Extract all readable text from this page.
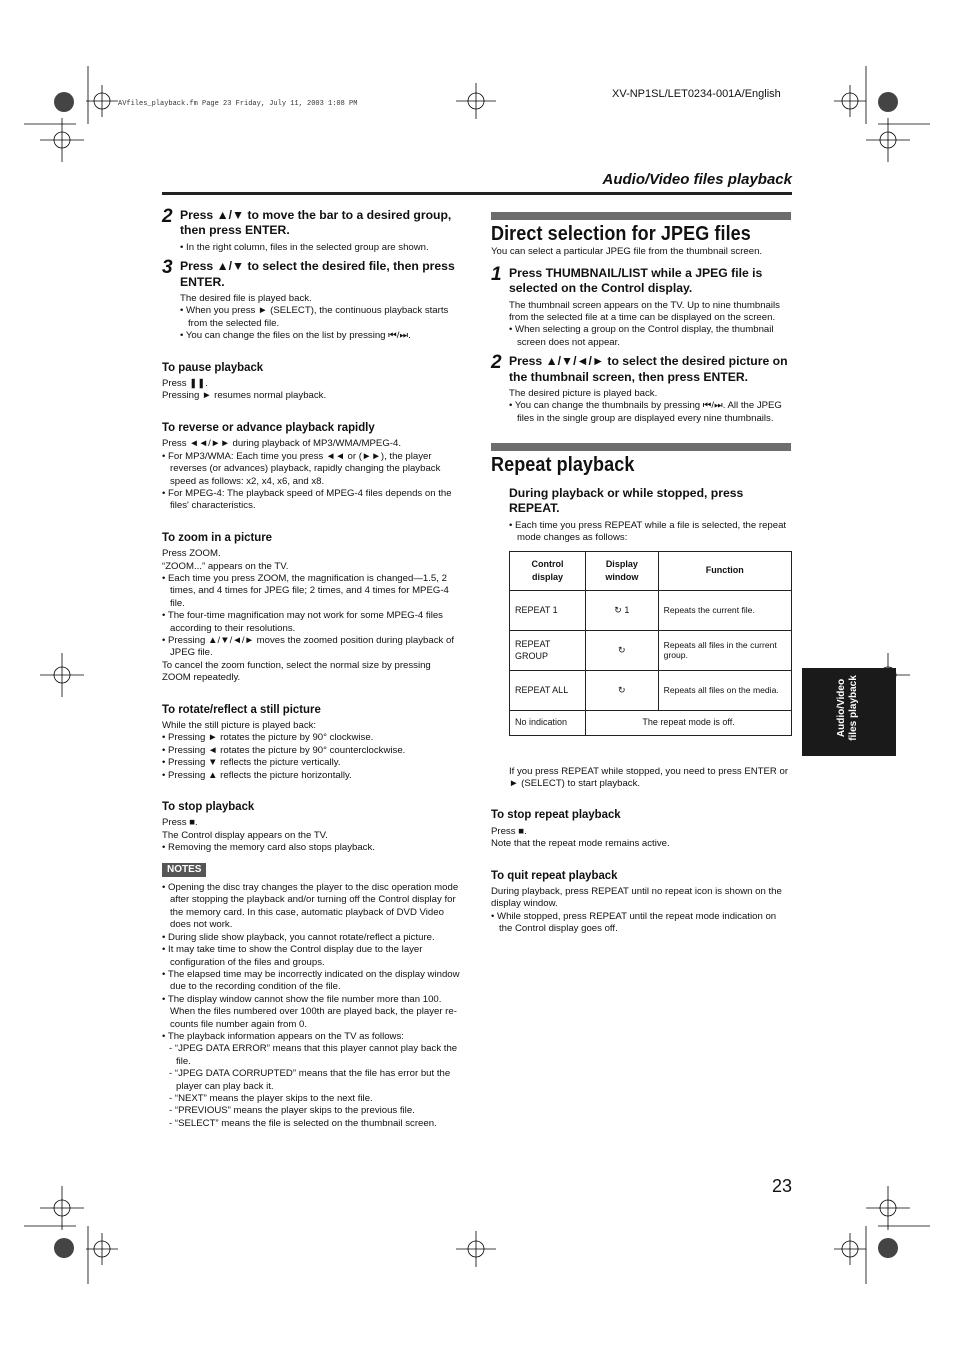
XV-NP1SL/LET0234-001A/English
AVfiles_playback.fm Page 23 Friday, July 11, 2003 1:08 PM
Audio/Video files playback
2 Press ▲/▼ to move the bar to a desired group, then press ENTER.

• In the right column, files in the selected group are shown.

3 Press ▲/▼ to select the desired file, then press ENTER.

The desired file is played back.

• When you press ► (SELECT), the continuous playback starts from the selected file.

• You can change the files on the list by pressing ⏮/⏭.

To pause playback

Press ❚❚.

Pressing ► resumes normal playback.

To reverse or advance playback rapidly

Press ◄◄/►► during playback of MP3/WMA/MPEG-4.

• For MP3/WMA: Each time you press ◄◄ or (►►), the player reverses (or advances) playback, rapidly changing the playback speed as follows: x2, x4, x6, and x8.

• For MPEG-4: The playback speed of MPEG-4 files depends on the files' characteristics.

To zoom in a picture

Press ZOOM.

“ZOOM...” appears on the TV.

• Each time you press ZOOM, the magnification is changed—1.5, 2 times, and 4 times for JPEG file; 2 times, and 4 times for MPEG-4 file.

• The four-time magnification may not work for some MPEG-4 files according to their resolutions.

• Pressing ▲/▼/◄/► moves the zoomed position during playback of JPEG file.

To cancel the zoom function, select the normal size by pressing ZOOM repeatedly.

To rotate/reflect a still picture

While the still picture is played back:

• Pressing ► rotates the picture by 90° clockwise.

• Pressing ◄ rotates the picture by 90° counterclockwise.

• Pressing ▼ reflects the picture vertically.

• Pressing ▲ reflects the picture horizontally.

To stop playback

Press ■.

The Control display appears on the TV.

• Removing the memory card also stops playback.

NOTES

• Opening the disc tray changes the player to the disc operation mode after stopping the playback and/or turning off the Control display for the memory card. In this case, automatic playback of DVD Video does not work.

• During slide show playback, you cannot rotate/reflect a picture.

• It may take time to show the Control display due to the layer configuration of the files and groups.

• The elapsed time may be incorrectly indicated on the display window due to the recording condition of the file.

• The display window cannot show the file number more than 100. When the files numbered over 100th are played back, the player re-counts file number again from 0.

• The playback information appears on the TV as follows:

- “JPEG DATA ERROR” means that this player cannot play back the file.

- “JPEG DATA CORRUPTED” means that the file has error but the player can play back it.

- “NEXT” means the player skips to the next file.

- “PREVIOUS” means the player skips to the previous file.

- “SELECT” means the file is selected on the thumbnail screen.

Direct selection for JPEG files

You can select a particular JPEG file from the thumbnail screen.

1 Press THUMBNAIL/LIST while a JPEG file is selected on the Control display.

The thumbnail screen appears on the TV. Up to nine thumbnails from the selected file at a time can be displayed on the screen.

• When selecting a group on the Control display, the thumbnail screen does not appear.

2 Press ▲/▼/◄/► to select the desired picture on the thumbnail screen, then press ENTER.

The desired picture is played back.

• You can change the thumbnails by pressing ⏮/⏭. All the JPEG files in the single group are displayed every nine thumbnails.

Repeat playback
During playback or while stopped, press REPEAT.

• Each time you press REPEAT while a file is selected, the repeat mode changes as follows:

Control display	Display window	Function
REPEAT 1	↻ 1	Repeats the current file.
REPEAT GROUP	↻	Repeats all files in the current group.
REPEAT ALL	↻	Repeats all files on the media.
No indication	The repeat mode is off.	

If you press REPEAT while stopped, you need to press ENTER or ► (SELECT) to start playback.

To stop repeat playback

Press ■.

Note that the repeat mode remains active.

To quit repeat playback

During playback, press REPEAT until no repeat icon is shown on the display window.

• While stopped, press REPEAT until the repeat mode indication on the Control display goes off.

Audio/Video files playback
23
